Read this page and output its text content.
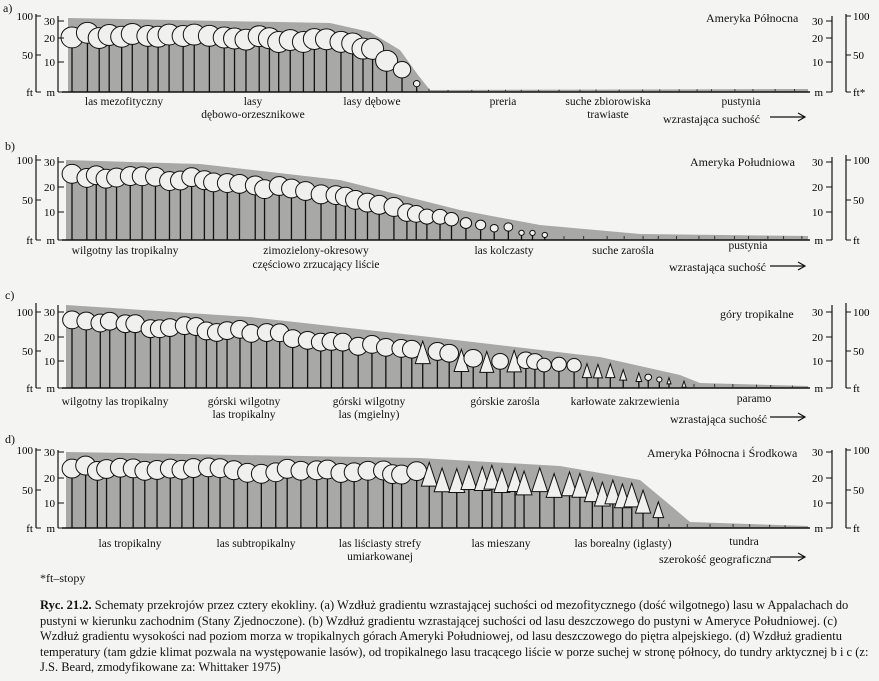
30
20
10
m
100
50
ft
30
20
10
m
100
50
ft*
a)
Ameryka Północna
las mezofityczny	lasy
dębowo-orzesznikowe
lasy dębowe	preria	suche zbiorowiska
trawiaste
pustynia
wzrastająca suchość
30
20
10
m
100
50
ft
30
20
10
m
100
50
ft
b)
Ameryka Południowa
wilgotny las tropikalny	zimozielony-okresowy
częściowo zrzucający liście
las kolczasty	suche zarośla	pustynia
wzrastająca suchość
30
20
10
m
100
50
ft
30
20
10
m
100
50
ft
c)
góry tropikalne
wilgotny las tropikalny	górski wilgotny
las tropikalny
górski wilgotny
las (mgielny)
górskie zarośla	karłowate zakrzewienia	paramo
wzrastająca suchość
30
20
10
m
100
50
ft
30
20
10
m
100
50
ft
d)
Ameryka Północna i Środkowa
las tropikalny	las subtropikalny	las liściasty strefy
umiarkowanej
las mieszany	las borealny (iglasty)	tundra
szerokość geograficzna
*ft–stopy
Ryc. 21.2. Schematy przekrojów przez cztery ekokliny. (a) Wzdłuż gradientu wzrastającej suchości od mezofitycznego (dość wilgotnego) lasu w Appalachach do pustyni w kierunku zachodnim (Stany Zjednoczone). (b) Wzdłuż gradientu wzrastającej suchości od lasu deszczowego do pustyni w Ameryce Południowej. (c) Wzdłuż gradientu wysokości nad poziom morza w tropikalnych górach Ameryki Południowej, od lasu deszczowego do piętra alpejskiego. (d) Wzdłuż gradientu temperatury (tam gdzie klimat pozwala na występowanie lasów), od tropikalnego lasu tracącego liście w porze suchej w stronę północy, do tundry arktycznej b i c (z: J.S. Beard, zmodyfikowane za: Whittaker 1975)
